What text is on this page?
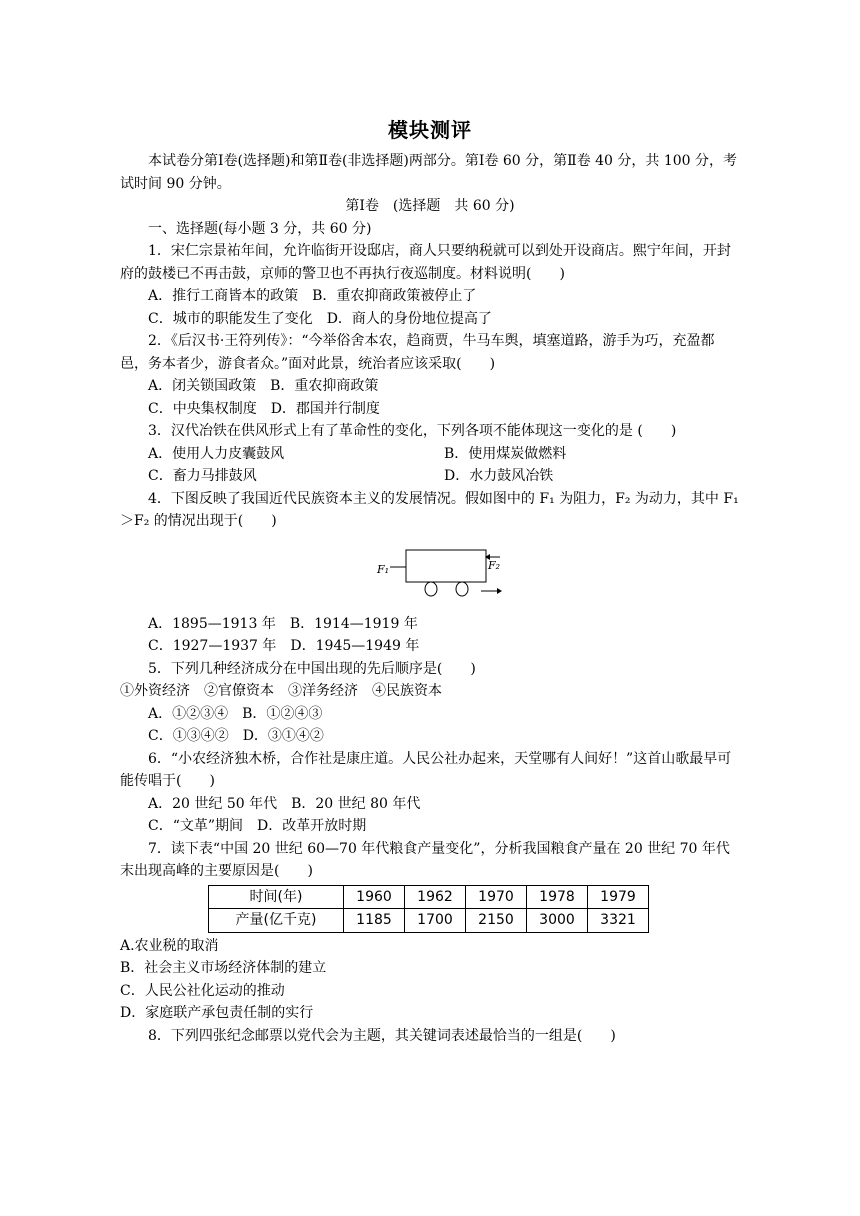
模块测评

本试卷分第Ⅰ卷(选择题)和第Ⅱ卷(非选择题)两部分。第Ⅰ卷 60 分，第Ⅱ卷 40 分，共 100 分，考试时间 90 分钟。

第Ⅰ卷　(选择题　共 60 分)

一、选择题(每小题 3 分，共 60 分)

1．宋仁宗景祐年间，允许临街开设邸店，商人只要纳税就可以到处开设商店。熙宁年间，开封府的鼓楼已不再击鼓，京师的警卫也不再执行夜巡制度。材料说明(　　)

A．推行工商皆本的政策　B．重农抑商政策被停止了

C．城市的职能发生了变化　D．商人的身份地位提高了

2．《后汉书·王符列传》：“今举俗舍本农，趋商贾，牛马车舆，填塞道路，游手为巧，充盈都邑，务本者少，游食者众。”面对此景，统治者应该采取(　　)

A．闭关锁国政策　B．重农抑商政策

C．中央集权制度　D．郡国并行制度

3．汉代冶铁在供风形式上有了革命性的变化，下列各项不能体现这一变化的是 (　　)

A．使用人力皮囊鼓风	B．使用煤炭做燃料
C．畜力马排鼓风	D．水力鼓风冶铁

4．下图反映了我国近代民族资本主义的发展情况。假如图中的 F₁ 为阻力，F₂ 为动力，其中 F₁＞F₂ 的情况出现于(　　)

F₁	F₂

A．1895—1913 年　B．1914—1919 年

C．1927—1937 年　D．1945—1949 年

5．下列几种经济成分在中国出现的先后顺序是(　　)

①外资经济　②官僚资本　③洋务经济　④民族资本

A．①②③④　B．①②④③

C．①③④②　D．③①④②

6．“小农经济独木桥，合作社是康庄道。人民公社办起来，天堂哪有人间好！”这首山歌最早可能传唱于(　　)

A．20 世纪 50 年代　B．20 世纪 80 年代

C．“文革”期间　D．改革开放时期

7．读下表“中国 20 世纪 60—70 年代粮食产量变化”，分析我国粮食产量在 20 世纪 70 年代末出现高峰的主要原因是(　　)

时间(年)	1960	1962	1970	1978	1979
产量(亿千克)	1185	1700	2150	3000	3321

A.农业税的取消

B．社会主义市场经济体制的建立

C．人民公社化运动的推动

D．家庭联产承包责任制的实行

8．下列四张纪念邮票以党代会为主题，其关键词表述最恰当的一组是(　　)
